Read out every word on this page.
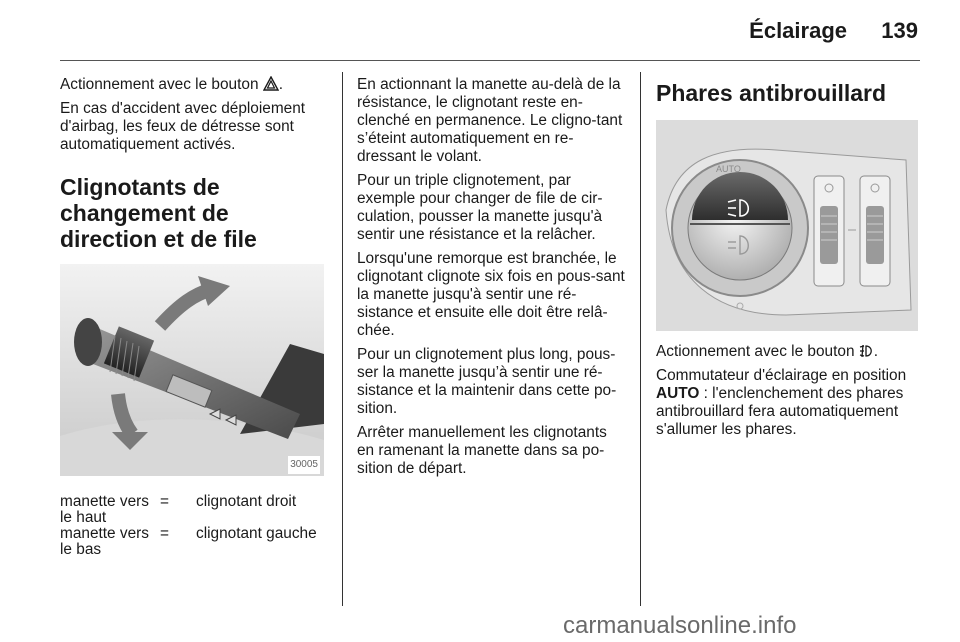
Éclairage 139

Actionnement avec le bouton .

En cas d'accident avec déploiement d'airbag, les feux de détresse sont automatiquement activés.

Clignotants de changement de direction et de file
30005
manette vers le haut	=	clignotant droit
manette vers le bas	=	clignotant gauche

En actionnant la manette au-delà de la résistance, le clignotant reste en-clenché en permanence. Le cligno-tant s’éteint automatiquement en re-dressant le volant.

Pour un triple clignotement, par exemple pour changer de file de cir-culation, pousser la manette jusqu'à sentir une résistance et la relâcher.

Lorsqu'une remorque est branchée, le clignotant clignote six fois en pous-sant la manette jusqu'à sentir une ré-sistance et ensuite elle doit être relâ-chée.

Pour un clignotement plus long, pous-ser la manette jusqu’à sentir une ré-sistance et la maintenir dans cette po-sition.

Arrêter manuellement les clignotants en ramenant la manette dans sa po-sition de départ.

Phares antibrouillard
AUTO

Actionnement avec le bouton .

Commutateur d'éclairage en position AUTO : l'enclenchement des phares antibrouillard fera automatiquement s'allumer les phares.

carmanualsonline.info
